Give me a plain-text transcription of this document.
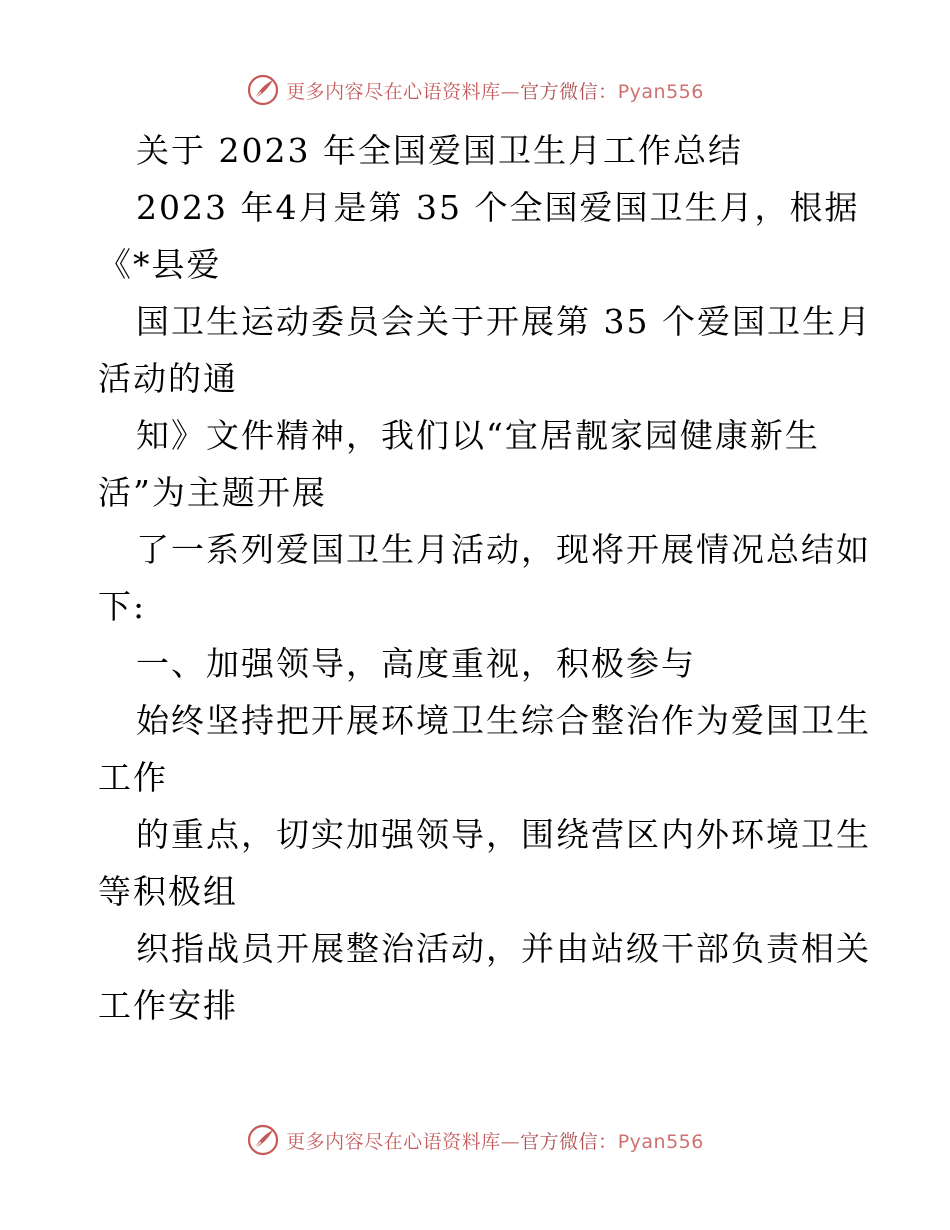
更多内容尽在心语资料库—官方微信：Pyan556
关于 2023 年全国爱国卫生月工作总结
2023 年4月是第 35 个全国爱国卫生月，根据
《*县爱
国卫生运动委员会关于开展第 35 个爱国卫生月
活动的通
知》文件精神，我们以“宜居靓家园健康新生
活”为主题开展
了一系列爱国卫生月活动，现将开展情况总结如
下:
一、加强领导，高度重视，积极参与
始终坚持把开展环境卫生综合整治作为爱国卫生
工作
的重点，切实加强领导，围绕营区内外环境卫生
等积极组
织指战员开展整治活动，并由站级干部负责相关
工作安排
更多内容尽在心语资料库—官方微信：Pyan556
